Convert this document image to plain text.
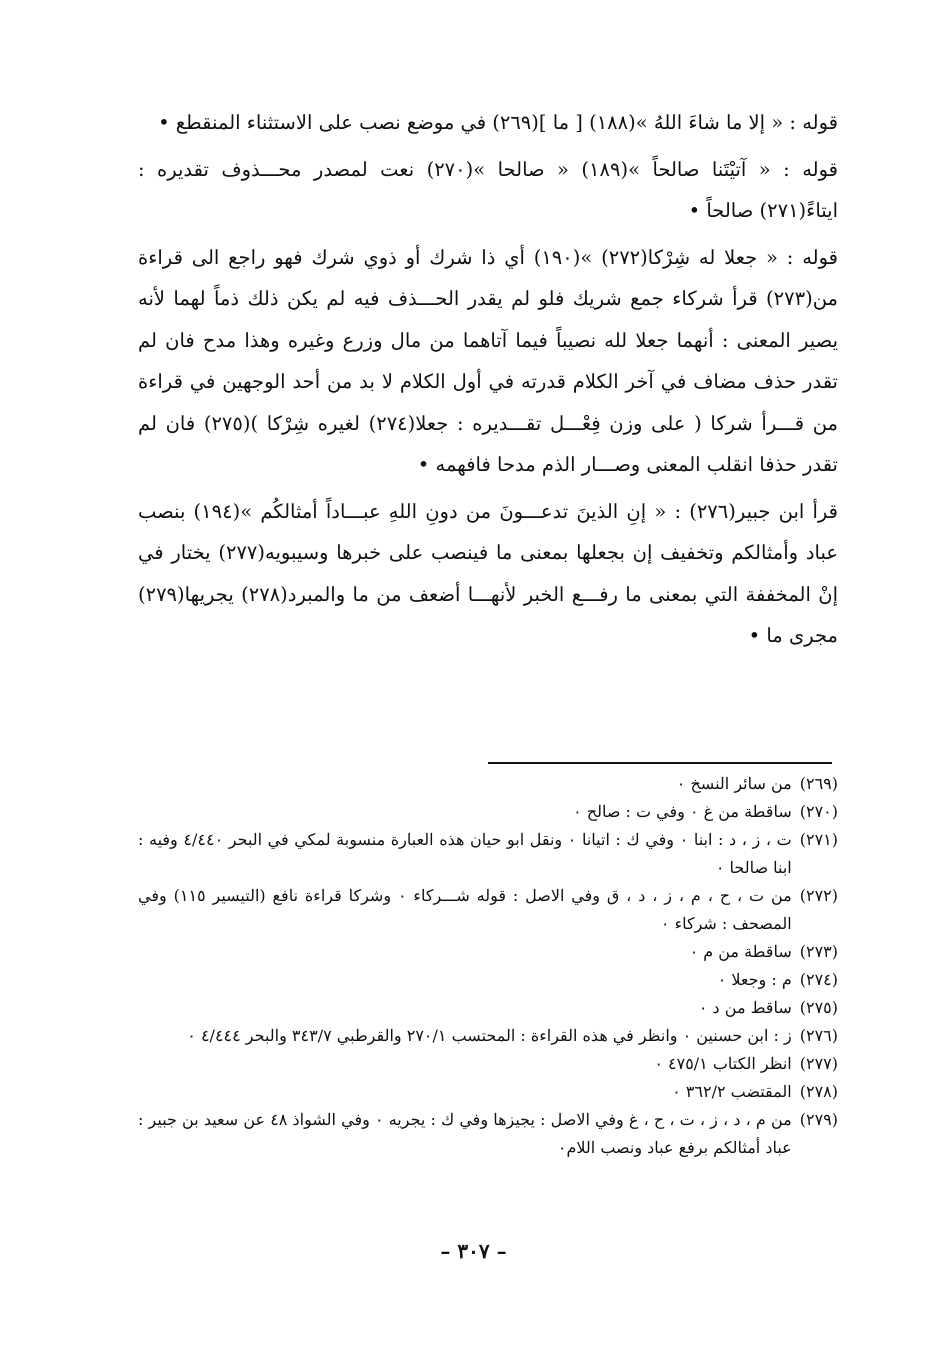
قوله : « إلا ما شاءَ اللهُ »(١٨٨) [ ما ](٢٦٩) في موضع نصب على الاستثناء المنقطع •

قوله : « آتيْتَنا صالحاً »(١٨٩) « صالحا »(٢٧٠) نعت لمصدر محـــذوف تقديره : ايتاءً(٢٧١) صالحاً •

قوله : « جعلا له شِرْكا(٢٧٢) »(١٩٠) أي ذا شرك أو ذوي شرك فهو راجع الى قراءة من(٢٧٣) قرأ شركاء جمع شريك فلو لم يقدر الحـــذف فيه لم يكن ذلك ذماً لهما لأنه يصير المعنى : أنهما جعلا لله نصيباً فيما آتاهما من مال وزرع وغيره وهذا مدح فان لم تقدر حذف مضاف في آخر الكلام قدرته في أول الكلام لا بد من أحد الوجهين في قراءة من قـــرأ شركا ( على وزن فِعْـــل تقـــديره : جعلا(٢٧٤) لغيره شِرْكا )(٢٧٥) فان لم تقدر حذفا انقلب المعنى وصـــار الذم مدحا فافهمه •

قرأ ابن جبير(٢٧٦) : « إنِ الذينَ تدعـــونَ من دونِ اللهِ عبـــاداً أمثالكُم »(١٩٤) بنصب عباد وأمثالكم وتخفيف إن بجعلها بمعنى ما فينصب على خبرها وسيبويه(٢٧٧) يختار في إنْ المخففة التي بمعنى ما رفـــع الخبر لأنهـــا أضعف من ما والمبرد(٢٧٨) يجريها(٢٧٩) مجرى ما •

(٢٦٩)
من سائر النسخ ٠
(٢٧٠)
ساقطة من غ ٠ وفي ت : صالح ٠
(٢٧١)
ت ، ز ، د : ابنا ٠ وفي ك : اتيانا ٠ ونقل ابو حيان هذه العبارة منسوبة لمكي في البحر ٤/٤٤٠ وفيه : ابنا صالحا ٠
(٢٧٢)
من ت ، ح ، م ، ز ، د ، ق وفي الاصل : قوله شـــركاء ٠ وشركا قراءة نافع (التيسير ١١٥) وفي المصحف : شركاء ٠
(٢٧٣)
ساقطة من م ٠
(٢٧٤)
م : وجعلا ٠
(٢٧٥)
ساقط من د ٠
(٢٧٦)
ز : ابن حسنين ٠ وانظر في هذه القراءة : المحتسب ٢٧٠/١ والقرطبي ٣٤٣/٧ والبحر ٤/٤٤٤ ٠
(٢٧٧)
انظر الكتاب ٤٧٥/١ ٠
(٢٧٨)
المقتضب ٣٦٢/٢ ٠
(٢٧٩)
من م ، د ، ز ، ت ، ح ، غ وفي الاصل : يجيزها وفي ك : يجريه ٠ وفي الشواذ ٤٨ عن سعيد بن جبير : عباد أمثالكم برفع عباد ونصب اللام٠
– ٣٠٧ –
